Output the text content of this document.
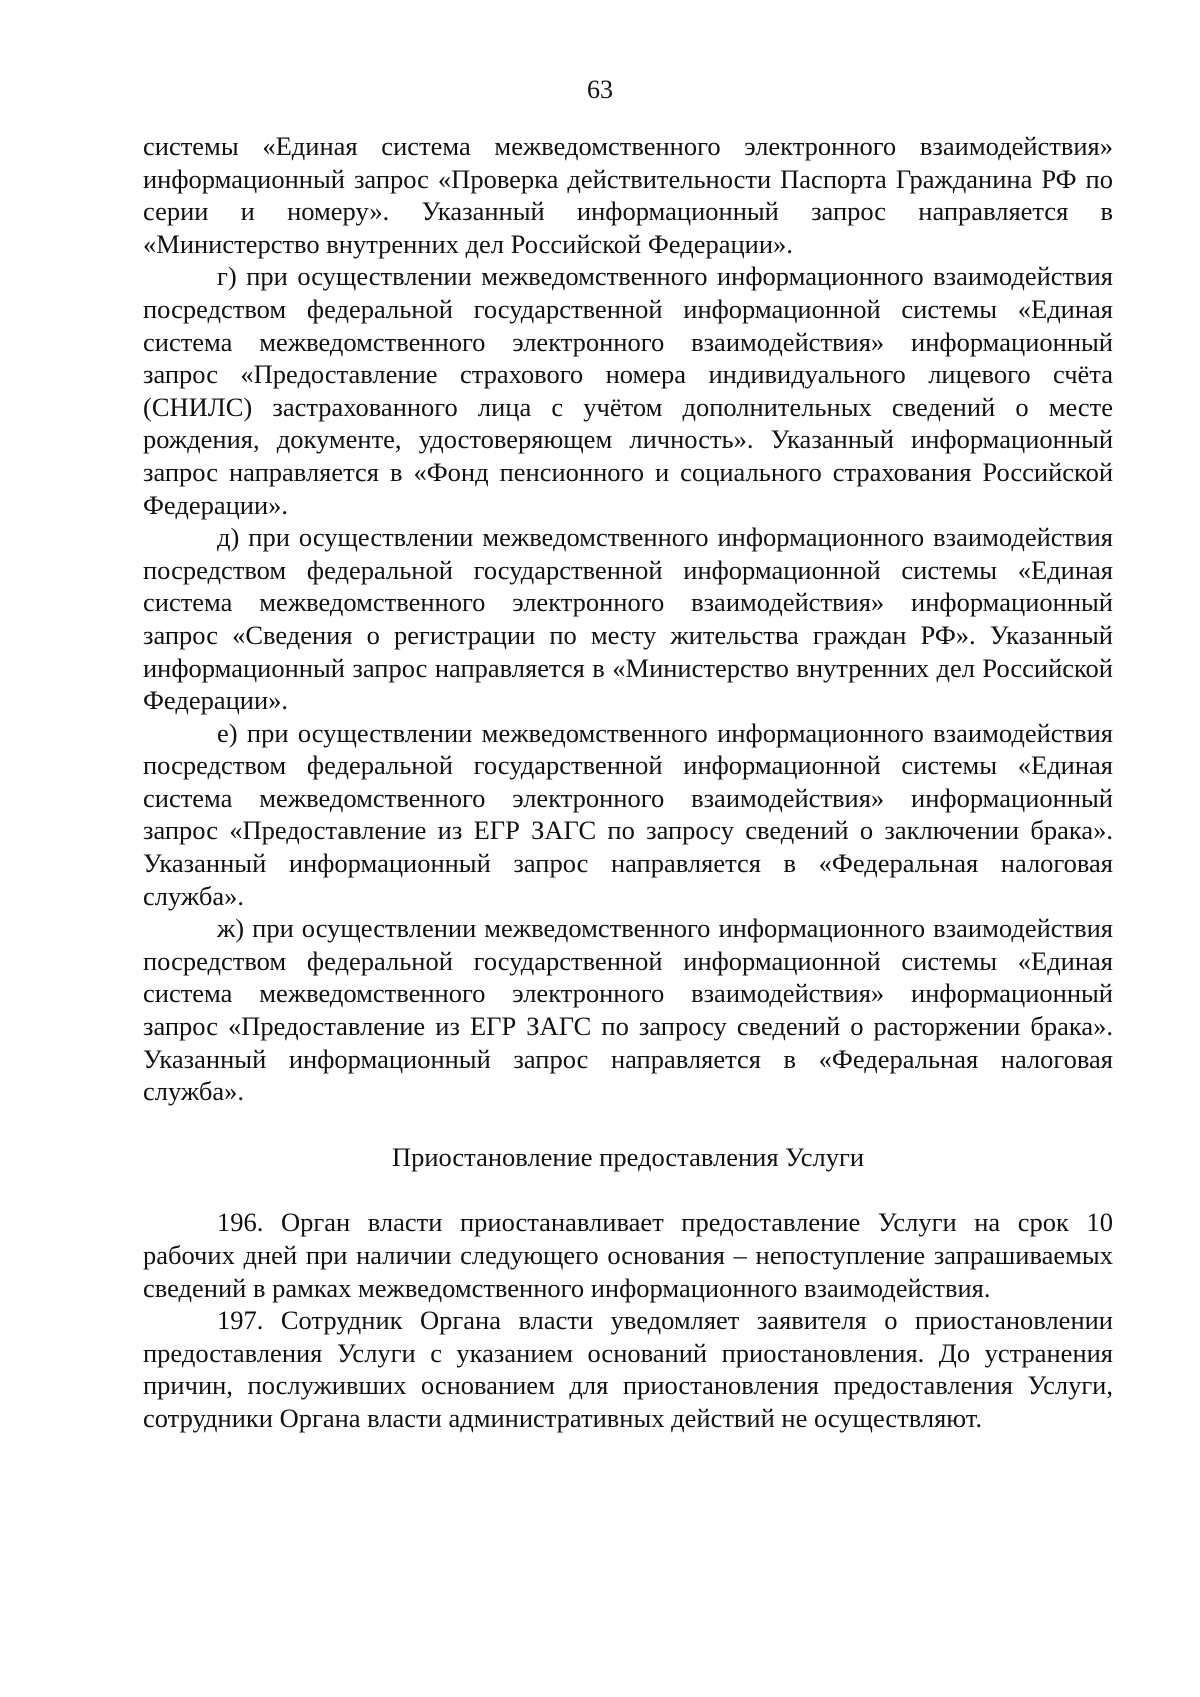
63

системы «Единая система межведомственного электронного взаимодействия» информационный запрос «Проверка действительности Паспорта Гражданина РФ по серии и номеру». Указанный информационный запрос направляется в «Министерство внутренних дел Российской Федерации».

г) при осуществлении межведомственного информационного взаимодействия посредством федеральной государственной информационной системы «Единая система межведомственного электронного взаимодействия» информационный запрос «Предоставление страхового номера индивидуального лицевого счёта (СНИЛС) застрахованного лица с учётом дополнительных сведений о месте рождения, документе, удостоверяющем личность». Указанный информационный запрос направляется в «Фонд пенсионного и социального страхования Российской Федерации».

д) при осуществлении межведомственного информационного взаимодействия посредством федеральной государственной информационной системы «Единая система межведомственного электронного взаимодействия» информационный запрос «Сведения о регистрации по месту жительства граждан РФ». Указанный информационный запрос направляется в «Министерство внутренних дел Российской Федерации».

е) при осуществлении межведомственного информационного взаимодействия посредством федеральной государственной информационной системы «Единая система межведомственного электронного взаимодействия» информационный запрос «Предоставление из ЕГР ЗАГС по запросу сведений о заключении брака». Указанный информационный запрос направляется в «Федеральная налоговая служба».

ж) при осуществлении межведомственного информационного взаимодействия посредством федеральной государственной информационной системы «Единая система межведомственного электронного взаимодействия» информационный запрос «Предоставление из ЕГР ЗАГС по запросу сведений о расторжении брака». Указанный информационный запрос направляется в «Федеральная налоговая служба».

Приостановление предоставления Услуги

196. Орган власти приостанавливает предоставление Услуги на срок 10 рабочих дней при наличии следующего основания – непоступление запрашиваемых сведений в рамках межведомственного информационного взаимодействия.

197. Сотрудник Органа власти уведомляет заявителя о приостановлении предоставления Услуги с указанием оснований приостановления. До устранения причин, послуживших основанием для приостановления предоставления Услуги, сотрудники Органа власти административных действий не осуществляют.
